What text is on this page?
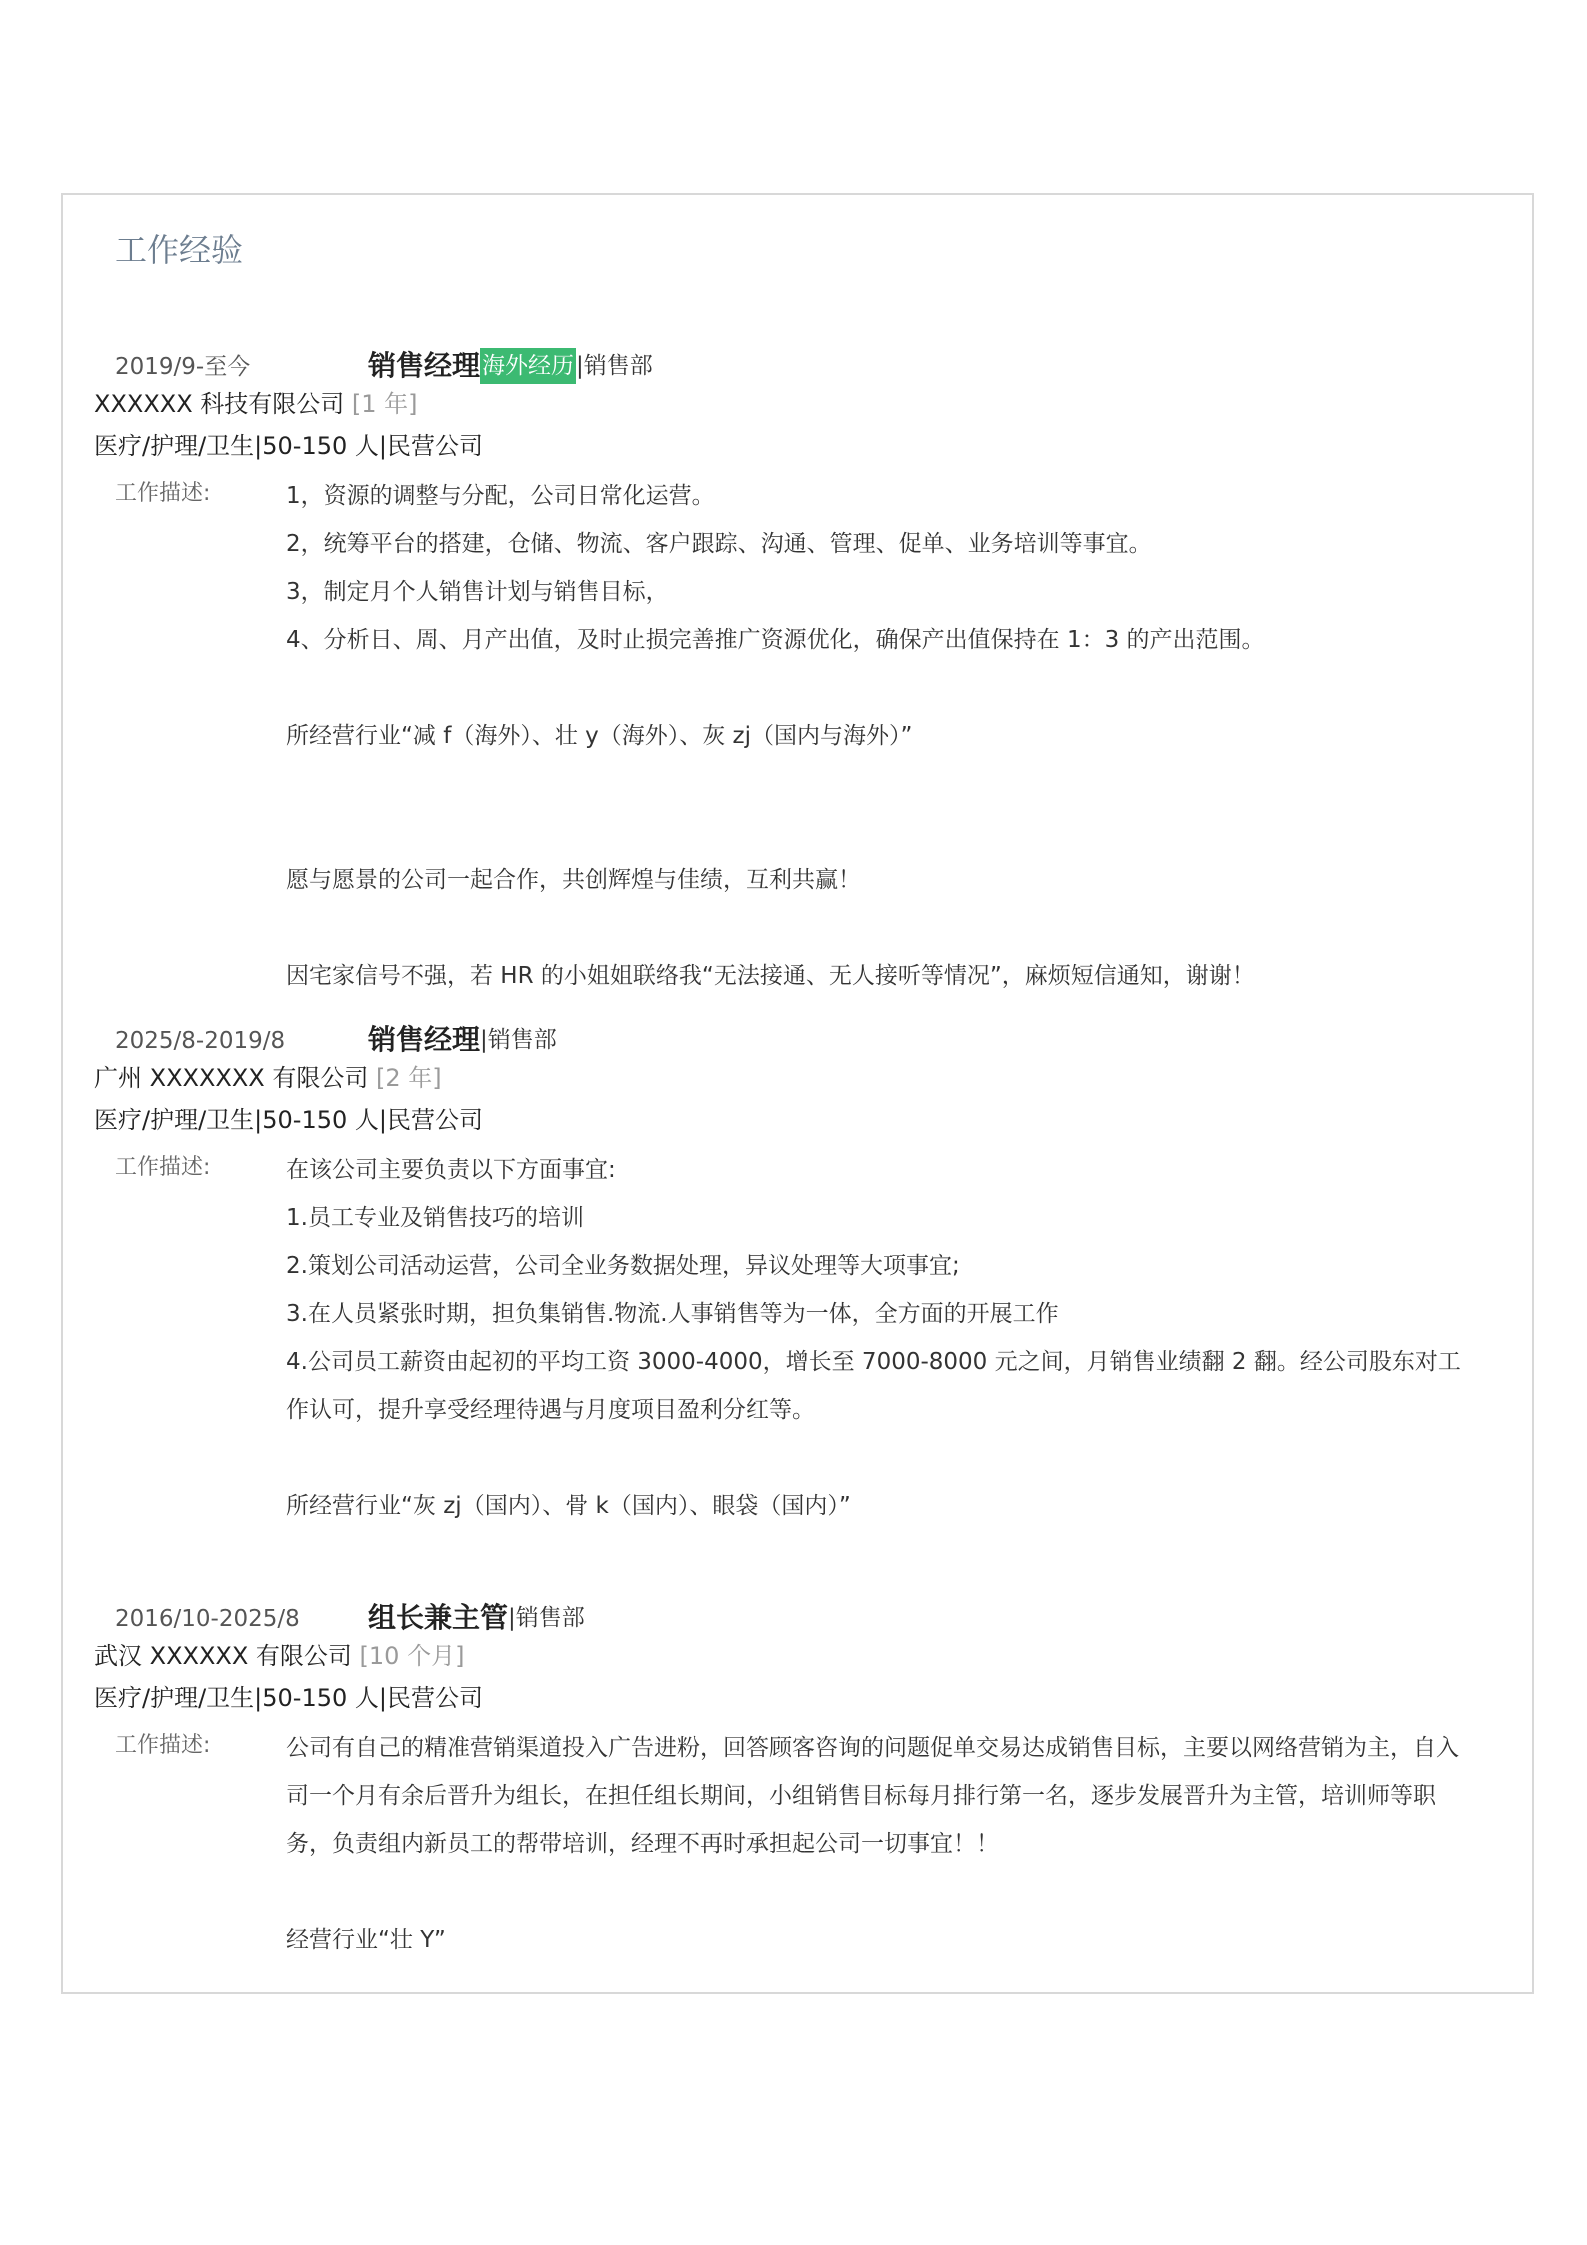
工作经验
2019/9-至今	销售经理 海外经历 |销售部
XXXXXX 科技有限公司 [1 年]
医疗/护理/卫生|50-150 人|民营公司
工作描述:	1，资源的调整与分配，公司日常化运营。

2，统筹平台的搭建，仓储、物流、客户跟踪、沟通、管理、促单、业务培训等事宜。

3，制定月个人销售计划与销售目标，

4、分析日、周、月产出值，及时止损完善推广资源优化，确保产出值保持在 1：3 的产出范围。

所经营行业“减 f（海外）、壮 y（海外）、灰 zj（国内与海外）”

愿与愿景的公司一起合作，共创辉煌与佳绩，互利共赢！

因宅家信号不强，若 HR 的小姐姐联络我“无法接通、无人接听等情况”，麻烦短信通知，谢谢！

2025/8-2019/8	销售经理 |销售部
广州 XXXXXXX 有限公司 [2 年]
医疗/护理/卫生|50-150 人|民营公司
工作描述:	在该公司主要负责以下方面事宜:

1.员工专业及销售技巧的培训

2.策划公司活动运营，公司全业务数据处理，异议处理等大项事宜;

3.在人员紧张时期，担负集销售.物流.人事销售等为一体，全方面的开展工作

4.公司员工薪资由起初的平均工资 3000-4000，增长至 7000-8000 元之间，月销售业绩翻 2 翻。经公司股东对工作认可，提升享受经理待遇与月度项目盈利分红等。

所经营行业“灰 zj（国内）、骨 k（国内）、眼袋（国内）”

2016/10-2025/8 组长兼主管 |销售部
武汉 XXXXXX 有限公司 [10 个月]
医疗/护理/卫生|50-150 人|民营公司
工作描述:	公司有自己的精准营销渠道投入广告进粉，回答顾客咨询的问题促单交易达成销售目标，主要以网络营销为主，自入司一个月有余后晋升为组长，在担任组长期间，小组销售目标每月排行第一名，逐步发展晋升为主管，培训师等职务，负责组内新员工的帮带培训，经理不再时承担起公司一切事宜！！

经营行业“壮 Y”
